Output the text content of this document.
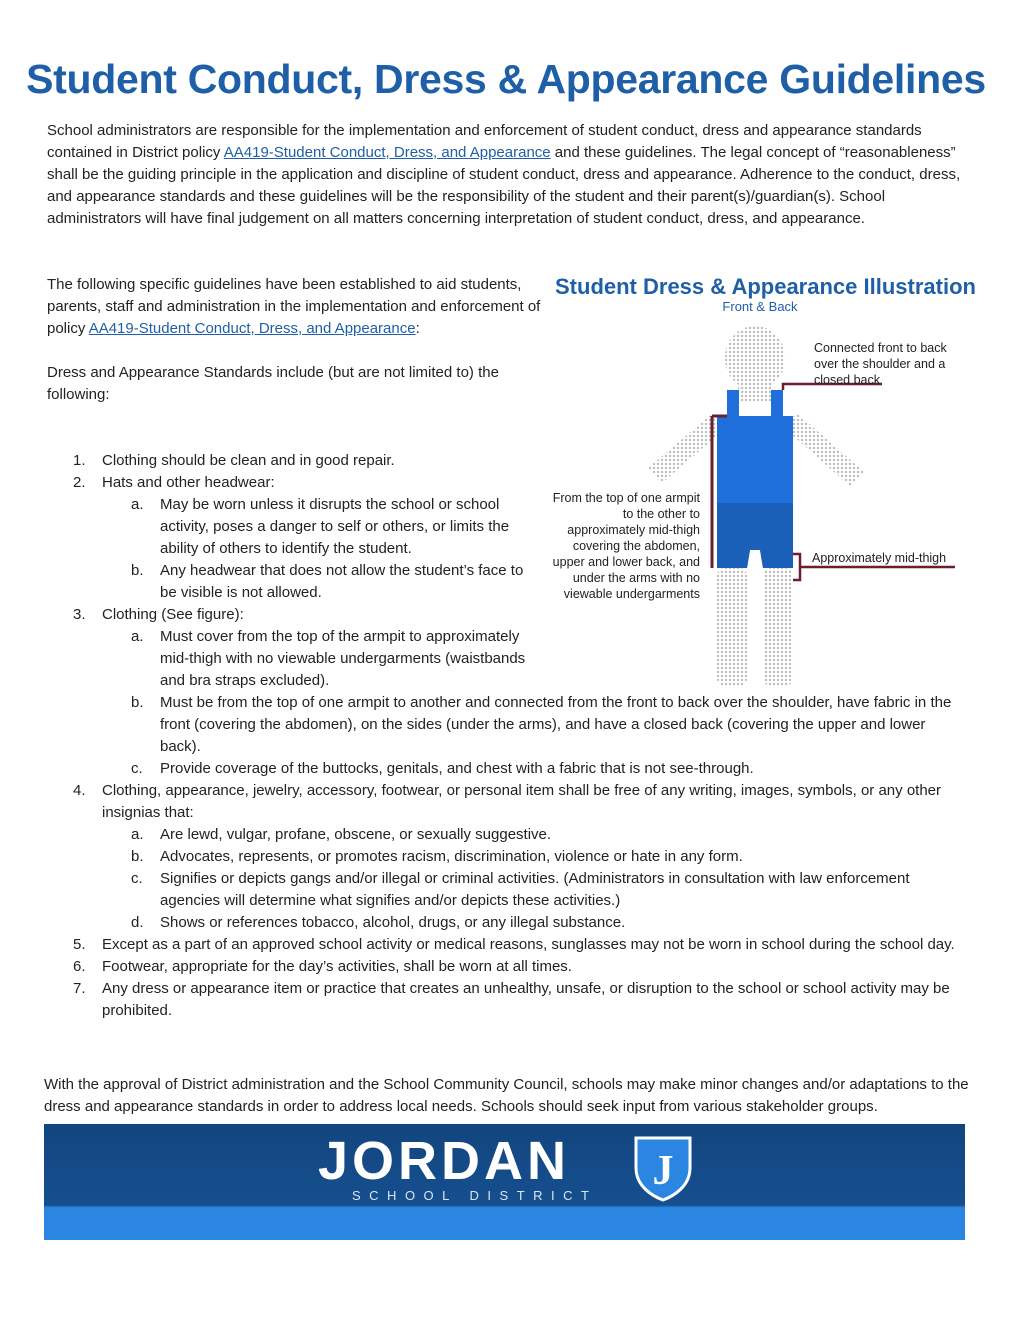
Student Conduct, Dress & Appearance Guidelines
School administrators are responsible for the implementation and enforcement of student conduct, dress and appearance standards contained in District policy AA419-Student Conduct, Dress, and Appearance and these guidelines. The legal concept of “reasonableness” shall be the guiding principle in the application and discipline of student conduct, dress and appearance. Adherence to the conduct, dress, and appearance standards and these guidelines will be the responsibility of the student and their parent(s)/guardian(s). School administrators will have final judgement on all matters concerning interpretation of student conduct, dress, and appearance.

The following specific guidelines have been established to aid students, parents, staff and administration in the implementation and enforcement of policy AA419-Student Conduct, Dress, and Appearance:

Dress and Appearance Standards include (but are not limited to) the following:

1. Clothing should be clean and in good repair.
2. Hats and other headwear:
a. May be worn unless it disrupts the school or school activity, poses a danger to self or others, or limits the ability of others to identify the student.
b. Any headwear that does not allow the student’s face to be visible is not allowed.
3. Clothing (See figure):
a. Must cover from the top of the armpit to approximately mid-thigh with no viewable undergarments (waistbands and bra straps excluded).
b. Must be from the top of one armpit to another and connected from the front to back over the shoulder, have fabric in the front (covering the abdomen), on the sides (under the arms), and have a closed back (covering the upper and lower back).
c. Provide coverage of the buttocks, genitals, and chest with a fabric that is not see-through.
4. Clothing, appearance, jewelry, accessory, footwear, or personal item shall be free of any writing, images, symbols, or any other insignias that:
a. Are lewd, vulgar, profane, obscene, or sexually suggestive.
b. Advocates, represents, or promotes racism, discrimination, violence or hate in any form.
c. Signifies or depicts gangs and/or illegal or criminal activities. (Administrators in consultation with law enforcement agencies will determine what signifies and/or depicts these activities.)
d. Shows or references tobacco, alcohol, drugs, or any illegal substance.
5. Except as a part of an approved school activity or medical reasons, sunglasses may not be worn in school during the school day.
6. Footwear, appropriate for the day’s activities, shall be worn at all times.
7. Any dress or appearance item or practice that creates an unhealthy, unsafe, or disruption to the school or school activity may be prohibited.
Student Dress & Appearance Illustration
Front & Back
Connected front to back over the shoulder and a closed back
From the top of one armpit to the other to approximately mid-thigh covering the abdomen, upper and lower back, and under the arms with no viewable undergarments
Approximately mid-thigh
With the approval of District administration and the School Community Council, schools may make minor changes and/or adaptations to the dress and appearance standards in order to address local needs. Schools should seek input from various stakeholder groups.
JORDAN
SCHOOL DISTRICT
J
